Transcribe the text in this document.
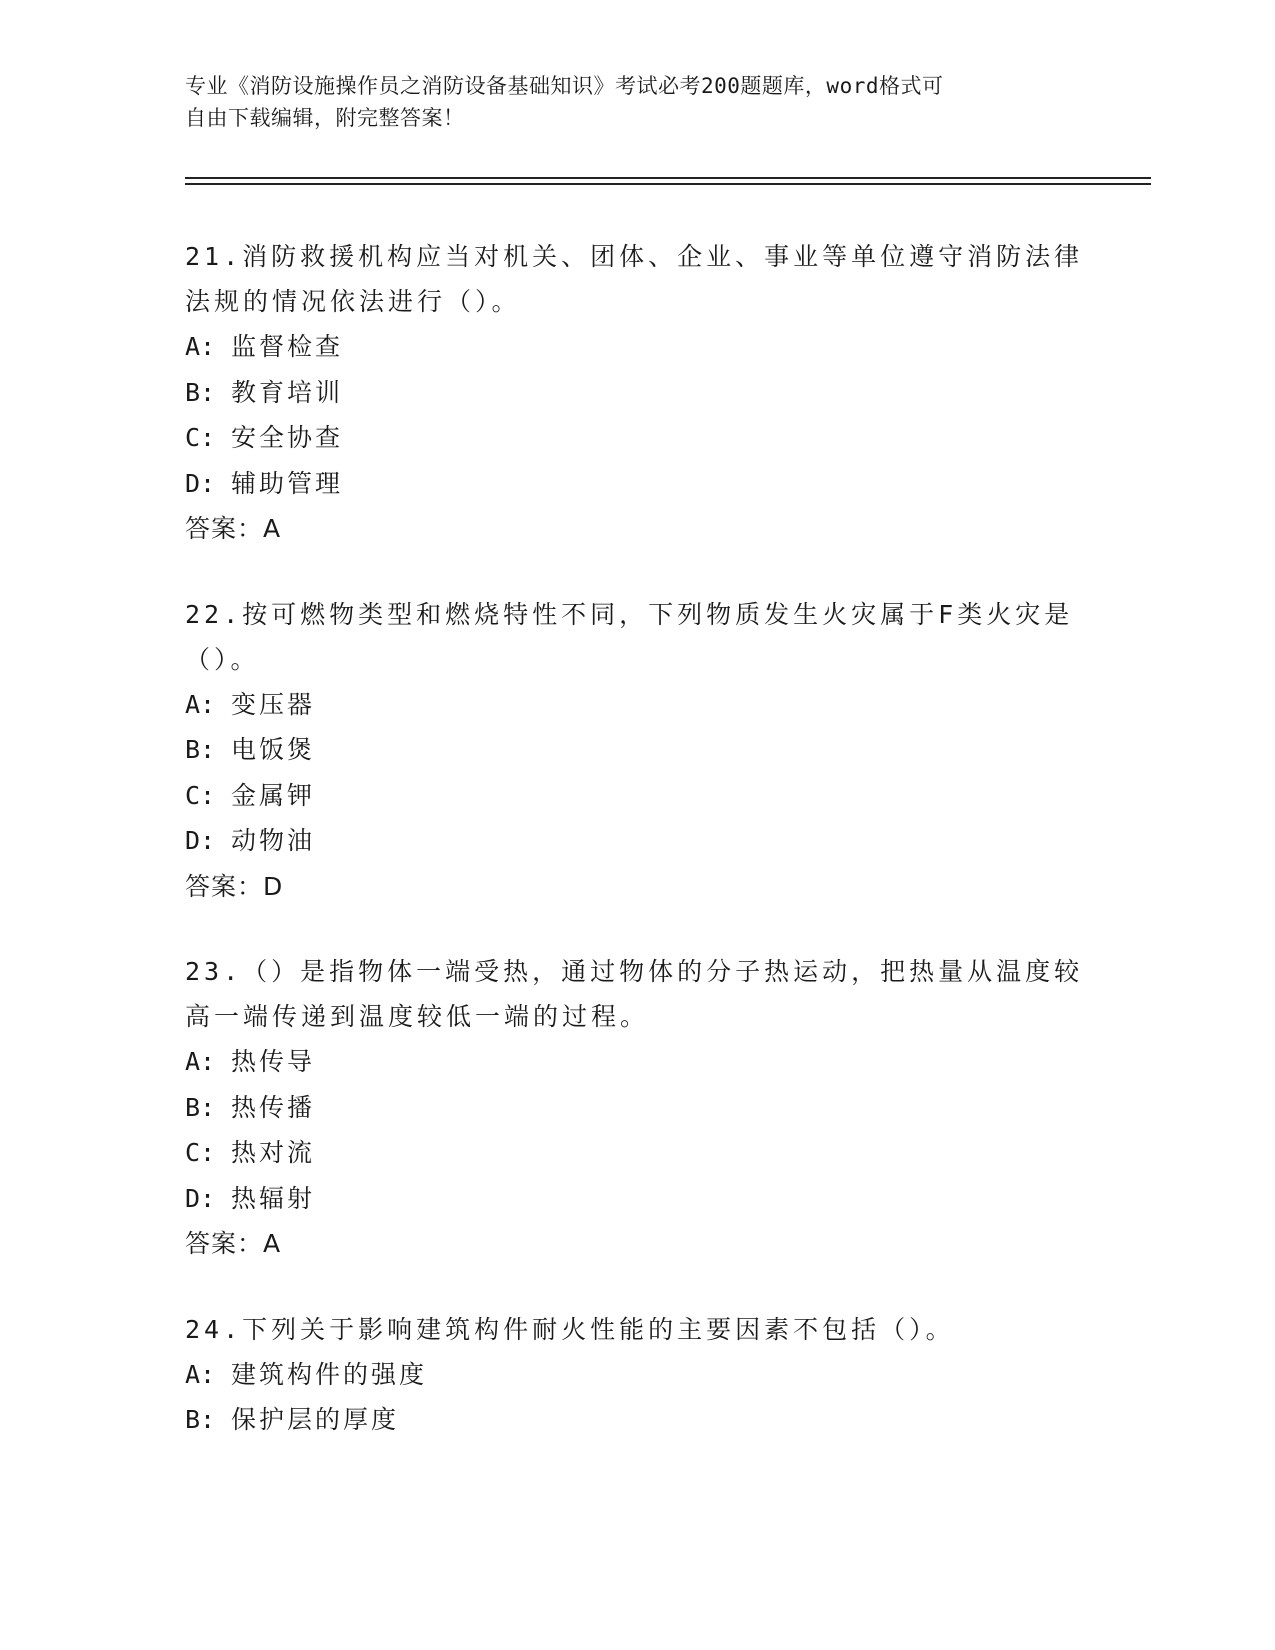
专业《消防设施操作员之消防设备基础知识》考试必考200题题库，word格式可
自由下载编辑，附完整答案！
21.消防救援机构应当对机关、团体、企业、事业等单位遵守消防法律
法规的情况依法进行（）。
A: 监督检查
B: 教育培训
C: 安全协查
D: 辅助管理
答案：A
22.按可燃物类型和燃烧特性不同，下列物质发生火灾属于F类火灾是
（）。
A: 变压器
B: 电饭煲
C: 金属钾
D: 动物油
答案：D
23.（）是指物体一端受热，通过物体的分子热运动，把热量从温度较
高一端传递到温度较低一端的过程。
A: 热传导
B: 热传播
C: 热对流
D: 热辐射
答案：A
24.下列关于影响建筑构件耐火性能的主要因素不包括（）。
A: 建筑构件的强度
B: 保护层的厚度
